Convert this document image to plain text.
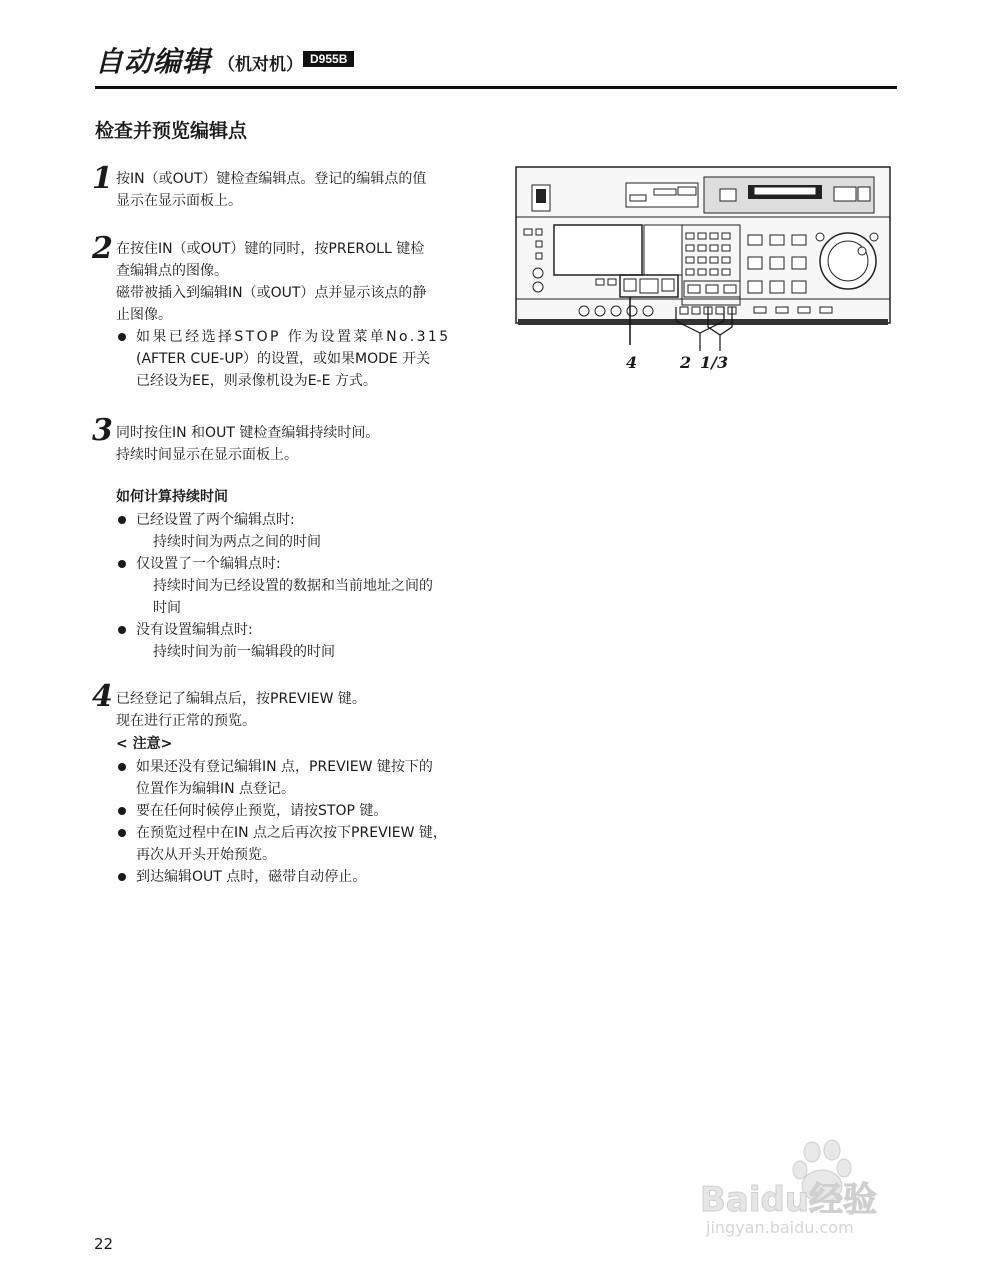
自动编辑 （机对机） D955B
检查并预览编辑点
1 按IN（或OUT）键检查编辑点。登记的编辑点的值
显示在显示面板上。
2 在按住IN（或OUT）键的同时，按PREROLL 键检
查编辑点的图像。
磁带被插入到编辑IN（或OUT）点并显示该点的静
止图像。
如果已经选择STOP 作为设置菜单No.315
(AFTER CUE-UP）的设置，或如果MODE 开关
已经设为EE，则录像机设为E-E 方式。
3 同时按住IN 和OUT 键检查编辑持续时间。
持续时间显示在显示面板上。
如何计算持续时间
已经设置了两个编辑点时:
持续时间为两点之间的时间
仅设置了一个编辑点时:
持续时间为已经设置的数据和当前地址之间的
时间
没有设置编辑点时:
持续时间为前一编辑段的时间
4 已经登记了编辑点后，按PREVIEW 键。
现在进行正常的预览。
< 注意>
如果还没有登记编辑IN 点，PREVIEW 键按下的
位置作为编辑IN 点登记。
要在任何时候停止预览，请按STOP 键。
在预览过程中在IN 点之后再次按下PREVIEW 键，
再次从开头开始预览。
到达编辑OUT 点时，磁带自动停止。
4	2 1/3
Baidu经验
jingyan.baidu.com
22
